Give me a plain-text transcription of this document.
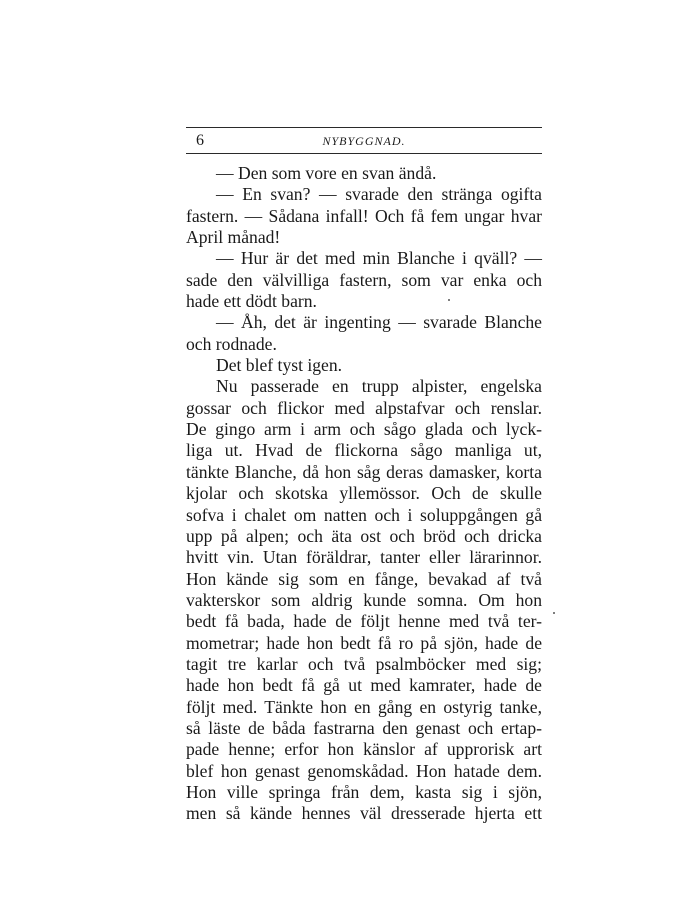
6	NYBYGGNAD.
— Den som vore en svan ändå.
— En svan? — svarade den stränga ogifta
fastern. — Sådana infall! Och få fem ungar hvar
April månad!
— Hur är det med min Blanche i qväll? —
sade den välvilliga fastern, som var enka och
hade ett dödt barn.
— Åh, det är ingenting — svarade Blanche
och rodnade.
Det blef tyst igen.
Nu passerade en trupp alpister, engelska
gossar och flickor med alpstafvar och renslar.
De gingo arm i arm och sågo glada och lyck-
liga ut. Hvad de flickorna sågo manliga ut,
tänkte Blanche, då hon såg deras damasker, korta
kjolar och skotska yllemössor. Och de skulle
sofva i chalet om natten och i soluppgången gå
upp på alpen; och äta ost och bröd och dricka
hvitt vin. Utan föräldrar, tanter eller lärarinnor.
Hon kände sig som en fånge, bevakad af två
vakterskor som aldrig kunde somna. Om hon
bedt få bada, hade de följt henne med två ter-
mometrar; hade hon bedt få ro på sjön, hade de
tagit tre karlar och två psalmböcker med sig;
hade hon bedt få gå ut med kamrater, hade de
följt med. Tänkte hon en gång en ostyrig tanke,
så läste de båda fastrarna den genast och ertap-
pade henne; erfor hon känslor af upprorisk art
blef hon genast genomskådad. Hon hatade dem.
Hon ville springa från dem, kasta sig i sjön,
men så kände hennes väl dresserade hjerta ett
